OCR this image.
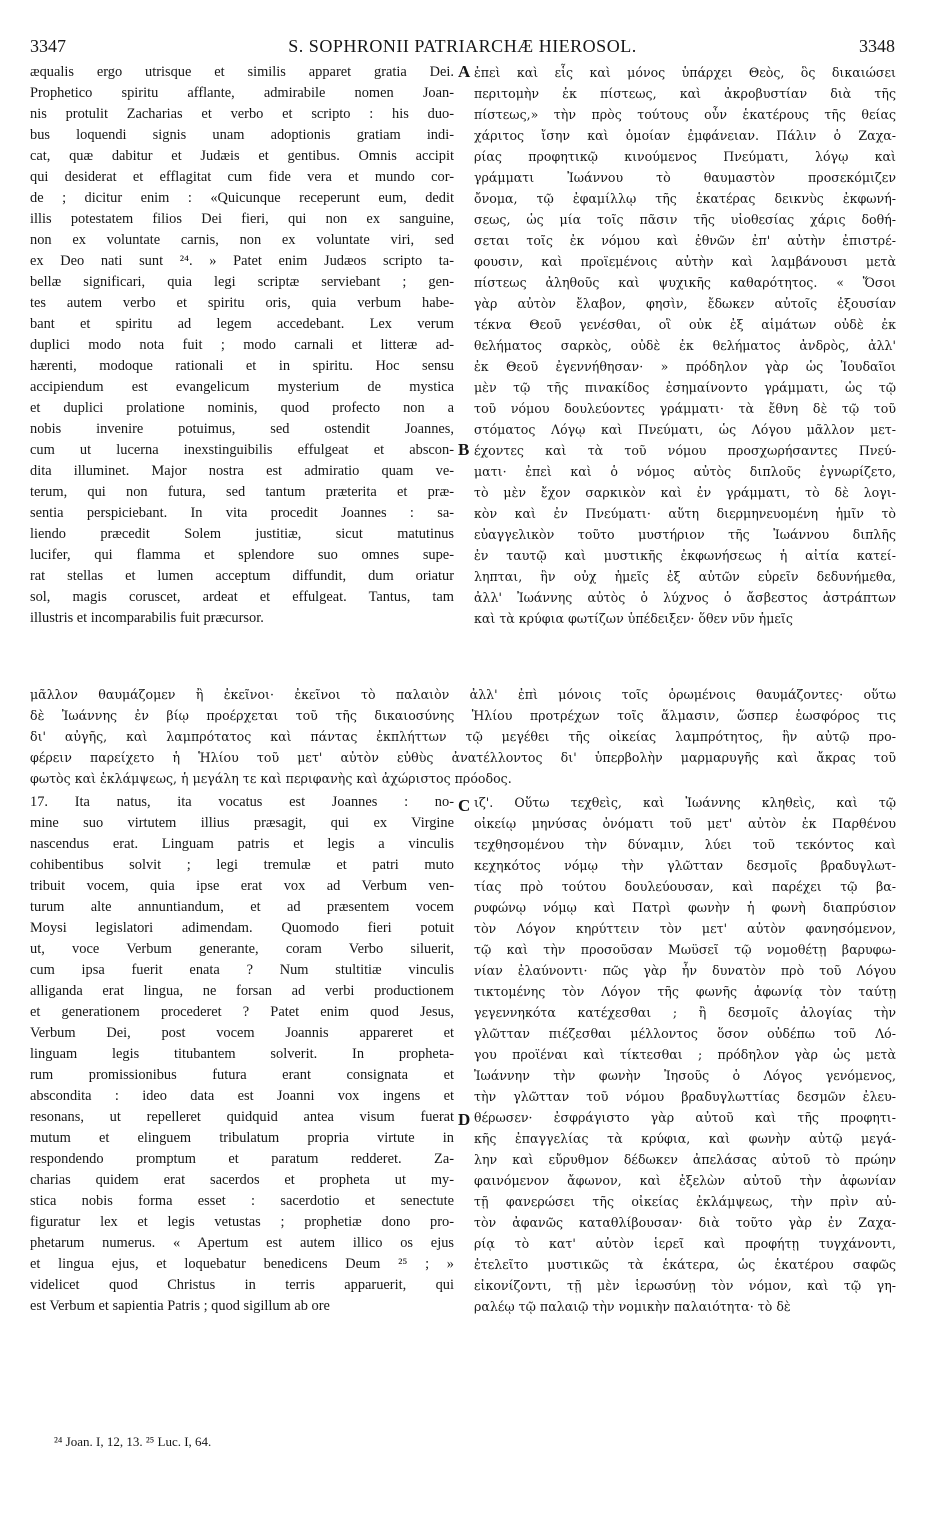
3347	S. SOPHRONII PATRIARCHÆ HIEROSOL.	3348
æqualis ergo utrisque et similis apparet gratia Dei.
Prophetico spiritu afflante, admirabile nomen Joan-
nis protulit Zacharias et verbo et scripto : his duo-
bus loquendi signis unam adoptionis gratiam indi-
cat, quæ dabitur et Judæis et gentibus. Omnis accipit
qui desiderat et efflagitat cum fide vera et mundo cor-
de ; dicitur enim : «Quicunque receperunt eum, dedit
illis potestatem filios Dei fieri, qui non ex sanguine,
non ex voluntate carnis, non ex voluntate viri, sed
ex Deo nati sunt ²⁴. » Patet enim Judæos scripto ta-
bellæ significari, quia legi scriptæ serviebant ; gen-
tes autem verbo et spiritu oris, quia verbum habe-
bant et spiritu ad legem accedebant. Lex verum
duplici modo nota fuit ; modo carnali et litteræ ad-
hærenti, modoque rationali et in spiritu. Hoc sensu
accipiendum est evangelicum mysterium de mystica
et duplici prolatione nominis, quod profecto non a
nobis invenire potuimus, sed ostendit Joannes,
cum ut lucerna inexstinguibilis effulgeat et abscon-
dita illuminet. Major nostra est admiratio quam ve-
terum, qui non futura, sed tantum præterita et præ-
sentia perspiciebant. In vita procedit Joannes : sa-
liendo præcedit Solem justitiæ, sicut matutinus
lucifer, qui flamma et splendore suo omnes supe-
rat stellas et lumen acceptum diffundit, dum oriatur
sol, magis coruscet, ardeat et effulgeat. Tantus, tam
illustris et incomparabilis fuit præcursor.
ἐπεὶ καὶ εἷς καὶ μόνος ὑπάρχει Θεὸς, ὃς δικαιώσει
περιτομὴν ἐκ πίστεως, καὶ ἀκροβυστίαν διὰ τῆς
πίστεως,» τὴν πρὸς τούτους οὖν ἑκατέρους τῆς θείας
χάριτος ἴσην καὶ ὁμοίαν ἐμφάνειαν. Πάλιν ὁ Ζαχα-
ρίας προφητικῷ κινούμενος Πνεύματι, λόγῳ καὶ
γράμματι Ἰωάννου τὸ θαυμαστὸν προσεκόμιζεν
ὄνομα, τῷ ἐφαμίλλῳ τῆς ἑκατέρας δεικνὺς ἐκφωνή-
σεως, ὡς μία τοῖς πᾶσιν τῆς υἱοθεσίας χάρις δοθή-
σεται τοῖς ἐκ νόμου καὶ ἐθνῶν ἐπ' αὐτὴν ἐπιστρέ-
φουσιν, καὶ προϊεμένοις αὐτὴν καὶ λαμβάνουσι μετὰ
πίστεως ἀληθοῦς καὶ ψυχικῆς καθαρότητος. « Ὅσοι
γὰρ αὐτὸν ἔλαβον, φησὶν, ἔδωκεν αὐτοῖς ἐξουσίαν
τέκνα Θεοῦ γενέσθαι, οἳ οὐκ ἐξ αἱμάτων οὐδὲ ἐκ
θελήματος σαρκὸς, οὐδὲ ἐκ θελήματος ἀνδρὸς, ἀλλ'
ἐκ Θεοῦ ἐγεννήθησαν· » πρόδηλον γὰρ ὡς Ἰουδαῖοι
μὲν τῷ τῆς πινακίδος ἐσημαίνοντο γράμματι, ὡς τῷ
τοῦ νόμου δουλεύοντες γράμματι· τὰ ἔθνη δὲ τῷ τοῦ
στόματος Λόγῳ καὶ Πνεύματι, ὡς Λόγου μᾶλλον μετ-
έχοντες καὶ τὰ τοῦ νόμου προσχωρήσαντες Πνεύ-
ματι· ἐπεὶ καὶ ὁ νόμος αὐτὸς διπλοῦς ἐγνωρίζετο,
τὸ μὲν ἔχον σαρκικὸν καὶ ἐν γράμματι, τὸ δὲ λογι-
κὸν καὶ ἐν Πνεύματι· αὕτη διερμηνευομένη ἡμῖν τὸ
εὐαγγελικὸν τοῦτο μυστήριον τῆς Ἰωάννου διπλῆς
ἐν ταυτῷ καὶ μυστικῆς ἐκφωνήσεως ἡ αἰτία κατεί-
ληπται, ἣν οὐχ ἡμεῖς ἐξ αὐτῶν εὑρεῖν δεδυνήμεθα,
ἀλλ' Ἰωάννης αὐτὸς ὁ λύχνος ὁ ἄσβεστος ἀστράπτων
καὶ τὰ κρύφια φωτίζων ὑπέδειξεν· ὅθεν νῦν ἡμεῖς
μᾶλλον θαυμάζομεν ἢ ἐκεῖνοι· ἐκεῖνοι τὸ παλαιὸν ἀλλ' ἐπὶ μόνοις τοῖς ὁρωμένοις θαυμάζοντες· οὕτω
δὲ Ἰωάννης ἐν βίῳ προέρχεται τοῦ τῆς δικαιοσύνης Ἡλίου προτρέχων τοῖς ἅλμασιν, ὥσπερ ἑωσφόρος τις
δι' αὐγῆς, καὶ λαμπρότατος καὶ πάντας ἐκπλήττων τῷ μεγέθει τῆς οἰκείας λαμπρότητος, ἣν αὐτῷ προ-
φέρειν παρείχετο ἡ Ἡλίου τοῦ μετ' αὐτὸν εὐθὺς ἀνατέλλοντος δι' ὑπερβολὴν μαρμαρυγῆς καὶ ἄκρας τοῦ
φωτὸς καὶ ἐκλάμψεως, ἡ μεγάλη τε καὶ περιφανὴς καὶ ἀχώριστος πρόοδος.
17. Ita natus, ita vocatus est Joannes : no-
mine suo virtutem illius præsagit, qui ex Virgine
nascendus erat. Linguam patris et legis a vinculis
cohibentibus solvit ; legi tremulæ et patri muto
tribuit vocem, quia ipse erat vox ad Verbum ven-
turum alte annuntiandum, et ad præsentem vocem
Moysi legislatori adimendam. Quomodo fieri potuit
ut, voce Verbum generante, coram Verbo siluerit,
cum ipsa fuerit enata ? Num stultitiæ vinculis
alliganda erat lingua, ne forsan ad verbi productionem
et generationem procederet ? Patet enim quod Jesus,
Verbum Dei, post vocem Joannis appareret et
linguam legis titubantem solverit. In propheta-
rum promissionibus futura erant consignata et
abscondita : ideo data est Joanni vox ingens et
resonans, ut repelleret quidquid antea visum fuerat
mutum et elinguem tribulatum propria virtute in
respondendo promptum et paratum redderet. Za-
charias quidem erat sacerdos et propheta ut my-
stica nobis forma esset : sacerdotio et senectute
figuratur lex et legis vetustas ; prophetiæ dono pro-
phetarum numerus. « Apertum est autem illico os ejus
et lingua ejus, et loquebatur benedicens Deum ²⁵ ; »
videlicet quod Christus in terris apparuerit, qui
est Verbum et sapientia Patris ; quod sigillum ab ore
ιζ'. Οὕτω τεχθεὶς, καὶ Ἰωάννης κληθεὶς, καὶ τῷ
οἰκείῳ μηνύσας ὀνόματι τοῦ μετ' αὐτὸν ἐκ Παρθένου
τεχθησομένου τὴν δύναμιν, λύει τοῦ τεκόντος καὶ
κεχηκότος νόμῳ τὴν γλῶτταν δεσμοῖς βραδυγλωτ-
τίας πρὸ τούτου δουλεύουσαν, καὶ παρέχει τῷ βα-
ρυφώνῳ νόμῳ καὶ Πατρὶ φωνὴν ἡ φωνὴ διαπρύσιον
τὸν Λόγον κηρύττειν τὸν μετ' αὐτὸν φανησόμενον,
τῷ καὶ τὴν προσοῦσαν Μωϋσεῖ τῷ νομοθέτῃ βαρυφω-
νίαν ἐλαύνοντι· πῶς γὰρ ἦν δυνατὸν πρὸ τοῦ Λόγου
τικτομένης τὸν Λόγον τῆς φωνῆς ἀφωνίᾳ τὸν ταύτῃ
γεγεννηκότα κατέχεσθαι ; ἢ δεσμοῖς ἀλογίας τὴν
γλῶτταν πιέζεσθαι μέλλοντος ὅσον οὐδέπω τοῦ Λό-
γου προϊέναι καὶ τίκτεσθαι ; πρόδηλον γὰρ ὡς μετὰ
Ἰωάννην τὴν φωνὴν Ἰησοῦς ὁ Λόγος γενόμενος,
τὴν γλῶτταν τοῦ νόμου βραδυγλωττίας δεσμῶν ἐλευ-
θέρωσεν· ἐσφράγιστο γὰρ αὐτοῦ καὶ τῆς προφητι-
κῆς ἐπαγγελίας τὰ κρύφια, καὶ φωνὴν αὐτῷ μεγά-
λην καὶ εὔρυθμον δέδωκεν ἀπελάσας αὐτοῦ τὸ πρώην
φαινόμενον ἄφωνον, καὶ ἐξελὼν αὐτοῦ τὴν ἀφωνίαν
τῇ φανερώσει τῆς οἰκείας ἐκλάμψεως, τὴν πρὶν αὐ-
τὸν ἀφανῶς καταθλίβουσαν· διὰ τοῦτο γὰρ ἐν Ζαχα-
ρίᾳ τὸ κατ' αὐτὸν ἱερεῖ καὶ προφήτῃ τυγχάνοντι,
ἐτελεῖτο μυστικῶς τὰ ἑκάτερα, ὡς ἑκατέρου σαφῶς
εἰκονίζοντι, τῇ μὲν ἱερωσύνῃ τὸν νόμον, καὶ τῷ γη-
ραλέῳ τῷ παλαιῷ τὴν νομικὴν παλαιότητα· τὸ δὲ
A
B
C
D
²⁴ Joan. I, 12, 13. ²⁵ Luc. I, 64.
